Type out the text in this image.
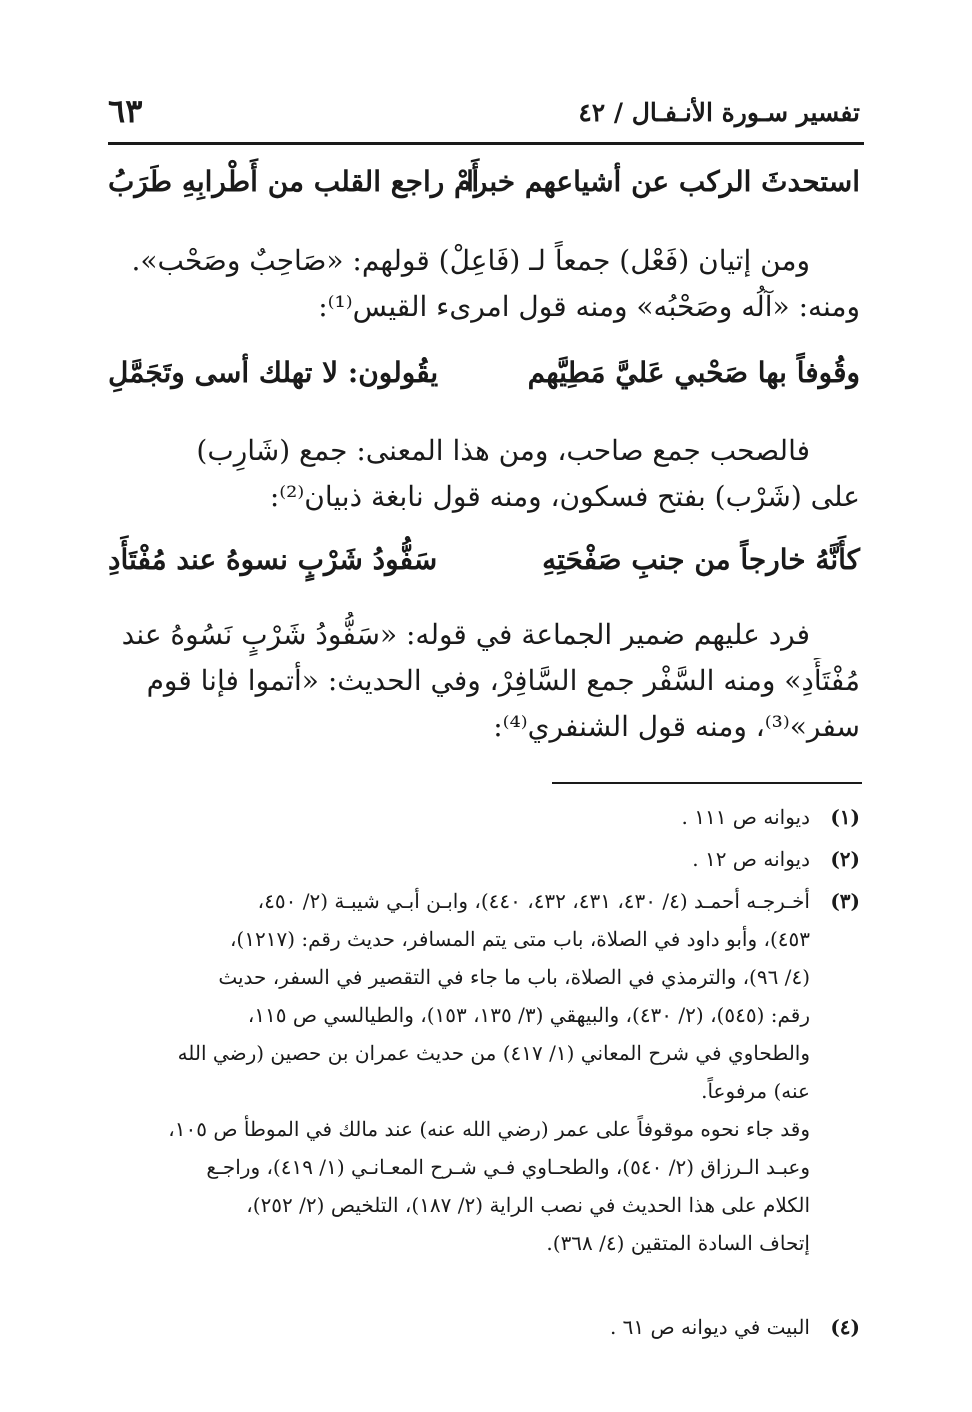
تفسير سـورة الأنـفـال / ٤٢
٦٣
استحدثَ الركب عن أشياعهم خبرا
أَمْ راجع القلب من أَطْرابِهِ طَرَبُ
ومن إتيان (فَعْل) جمعاً لـ (فَاعِلْ) قولهم: «صَاحِبٌ وصَحْب».
ومنه: «آلُه وصَحْبُه» ومنه قول امرىء القيس⁽¹⁾:
وقُوفاً بها صَحْبي عَليَّ مَطِيَّهم
يقُولون: لا تهلك أسى وتَجَمَّلِ
فالصحب جمع صاحب، ومن هذا المعنى: جمع (شَارِب)
على (شَرْب) بفتح فسكون، ومنه قول نابغة ذبيان⁽²⁾:
كأَنَّهُ خارجاً من جنبِ صَفْحَتِهِ
سَفُّودُ شَرْبٍ نسوهُ عند مُفْتَأَدِ
فرد عليهم ضمير الجماعة في قوله: «سَفُّودُ شَرْبٍ نَسُوهُ عند
مُفْتَأَدِ» ومنه السَّفْر جمع السَّافِرْ، وفي الحديث: «أتموا فإنا قوم
سفر»⁽³⁾، ومنه قول الشنفري⁽⁴⁾:
(١)
ديوانه ص ١١١ .
(٢)
ديوانه ص ١٢ .
(٣)
أخـرجـه أحمـد (٤/ ٤٣٠، ٤٣١، ٤٣٢، ٤٤٠)، وابـن أبـي شيبـة (٢/ ٤٥٠،
٤٥٣)، وأبو داود في الصلاة، باب متى يتم المسافر، حديث رقم: (١٢١٧)،
(٤/ ٩٦)، والترمذي في الصلاة، باب ما جاء في التقصير في السفر، حديث
رقم: (٥٤٥)، (٢/ ٤٣٠)، والبيهقي (٣/ ١٣٥، ١٥٣)، والطيالسي ص ١١٥،
والطحاوي في شرح المعاني (١/ ٤١٧) من حديث عمران بن حصين (رضي الله
عنه) مرفوعاً.
وقد جاء نحوه موقوفاً على عمر (رضي الله عنه) عند مالك في الموطأ ص ١٠٥،
وعبـد الـرزاق (٢/ ٥٤٠)، والطحـاوي فـي شـرح المعـانـي (١/ ٤١٩)، وراجـع
الكلام على هذا الحديث في نصب الراية (٢/ ١٨٧)، التلخيص (٢/ ٢٥٢)،
إتحاف السادة المتقين (٤/ ٣٦٨).
(٤)
البيت في ديوانه ص ٦١ .
